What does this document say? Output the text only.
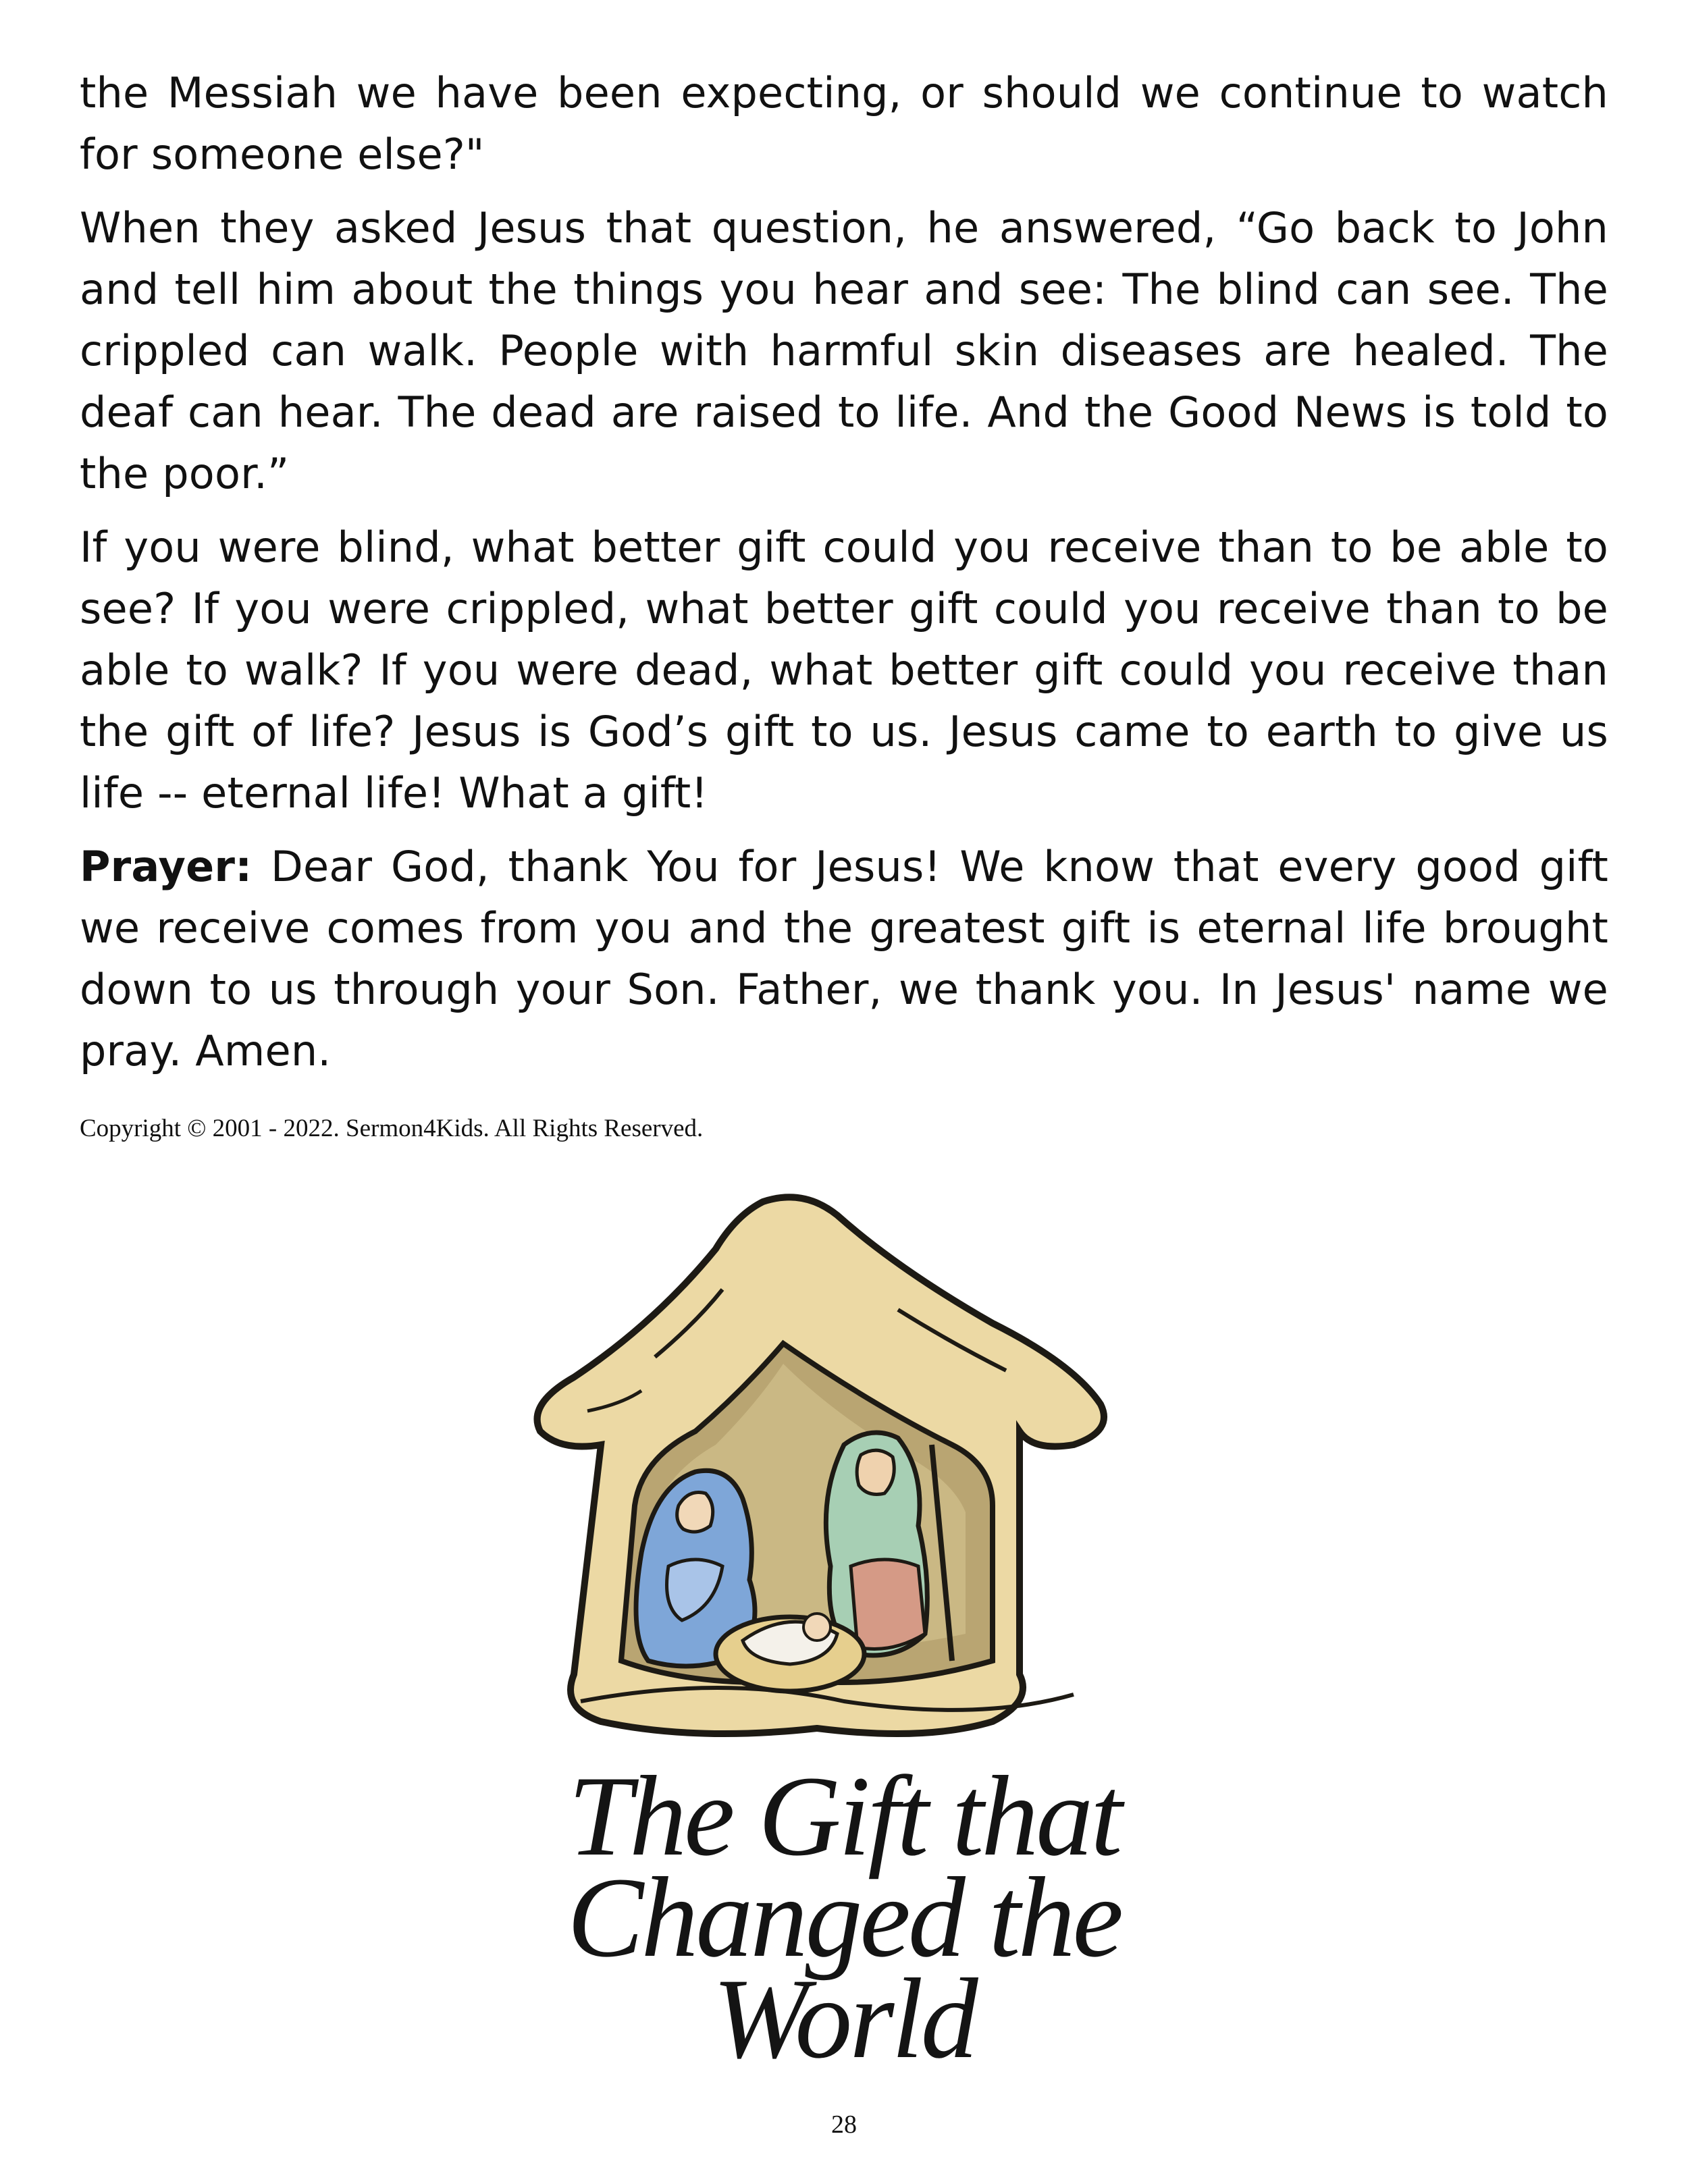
the Messiah we have been expecting, or should we continue to watch for someone else?"

When they asked Jesus that question, he answered, “Go back to John and tell him about the things you hear and see: The blind can see. The crippled can walk. People with harmful skin diseases are healed. The deaf can hear. The dead are raised to life. And the Good News is told to the poor.”

If you were blind, what better gift could you receive than to be able to see? If you were crippled, what better gift could you receive than to be able to walk? If you were dead, what better gift could you receive than the gift of life? Jesus is God’s gift to us. Jesus came to earth to give us life -- eternal life! What a gift!

Prayer: Dear God, thank You for Jesus! We know that every good gift we receive comes from you and the greatest gift is eternal life brought down to us through your Son. Father, we thank you. In Jesus' name we pray. Amen.

Copyright © 2001 - 2022. Sermon4Kids. All Rights Reserved.
The Gift that
Changed the World
28
